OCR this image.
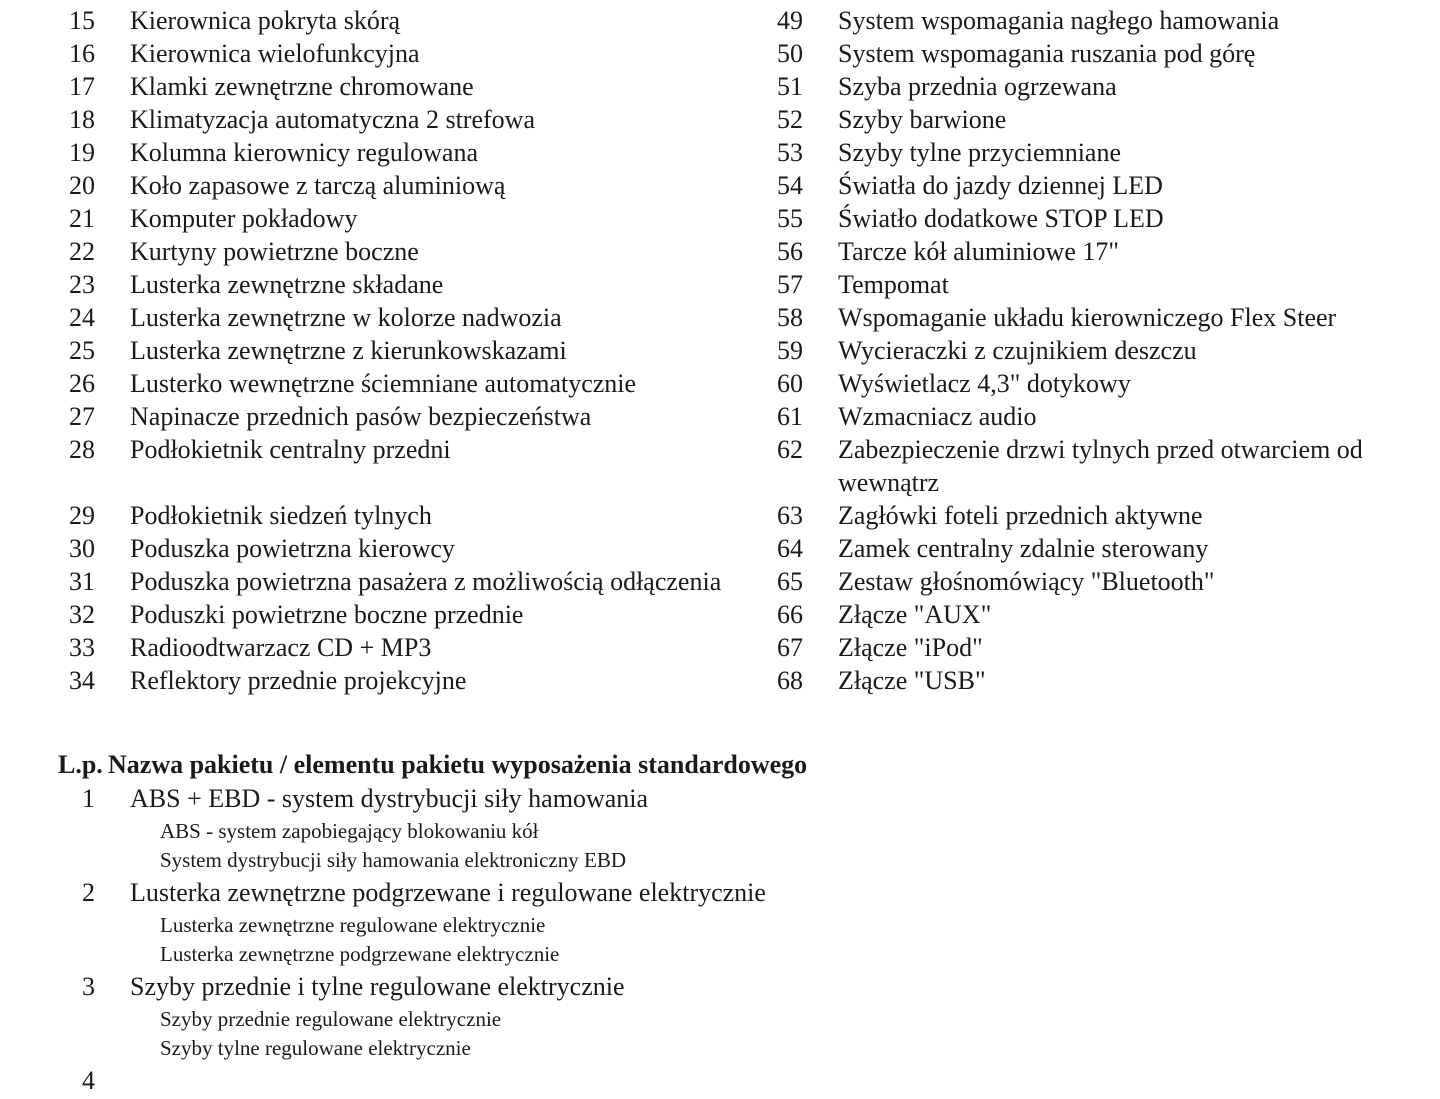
15	Kierownica pokryta skórą	49	System wspomagania nagłego hamowania
16	Kierownica wielofunkcyjna	50	System wspomagania ruszania pod górę
17	Klamki zewnętrzne chromowane	51	Szyba przednia ogrzewana
18	Klimatyzacja automatyczna 2 strefowa	52	Szyby barwione
19	Kolumna kierownicy regulowana	53	Szyby tylne przyciemniane
20	Koło zapasowe z tarczą aluminiową	54	Światła do jazdy dziennej LED
21	Komputer pokładowy	55	Światło dodatkowe STOP LED
22	Kurtyny powietrzne boczne	56	Tarcze kół aluminiowe 17"
23	Lusterka zewnętrzne składane	57	Tempomat
24	Lusterka zewnętrzne w kolorze nadwozia	58	Wspomaganie układu kierowniczego Flex Steer
25	Lusterka zewnętrzne z kierunkowskazami	59	Wycieraczki z czujnikiem deszczu
26	Lusterko wewnętrzne ściemniane automatycznie	60	Wyświetlacz 4,3" dotykowy
27	Napinacze przednich pasów bezpieczeństwa	61	Wzmacniacz audio
28	Podłokietnik centralny przedni	62	Zabezpieczenie drzwi tylnych przed otwarciem od wewnątrz
29	Podłokietnik siedzeń tylnych	63	Zagłówki foteli przednich aktywne
30	Poduszka powietrzna kierowcy	64	Zamek centralny zdalnie sterowany
31	Poduszka powietrzna pasażera z możliwością odłączenia	65	Zestaw głośnomówiący "Bluetooth"
32	Poduszki powietrzne boczne przednie	66	Złącze "AUX"
33	Radioodtwarzacz CD + MP3	67	Złącze "iPod"
34	Reflektory przednie projekcyjne	68	Złącze "USB"
L.p. Nazwa pakietu / elementu pakietu wyposażenia standardowego
1	ABS + EBD - system dystrybucji siły hamowania
ABS - system zapobiegający blokowaniu kół
System dystrybucji siły hamowania elektroniczny EBD
2	Lusterka zewnętrzne podgrzewane i regulowane elektrycznie
Lusterka zewnętrzne regulowane elektrycznie
Lusterka zewnętrzne podgrzewane elektrycznie
3	Szyby przednie i tylne regulowane elektrycznie
Szyby przednie regulowane elektrycznie
Szyby tylne regulowane elektrycznie
4
